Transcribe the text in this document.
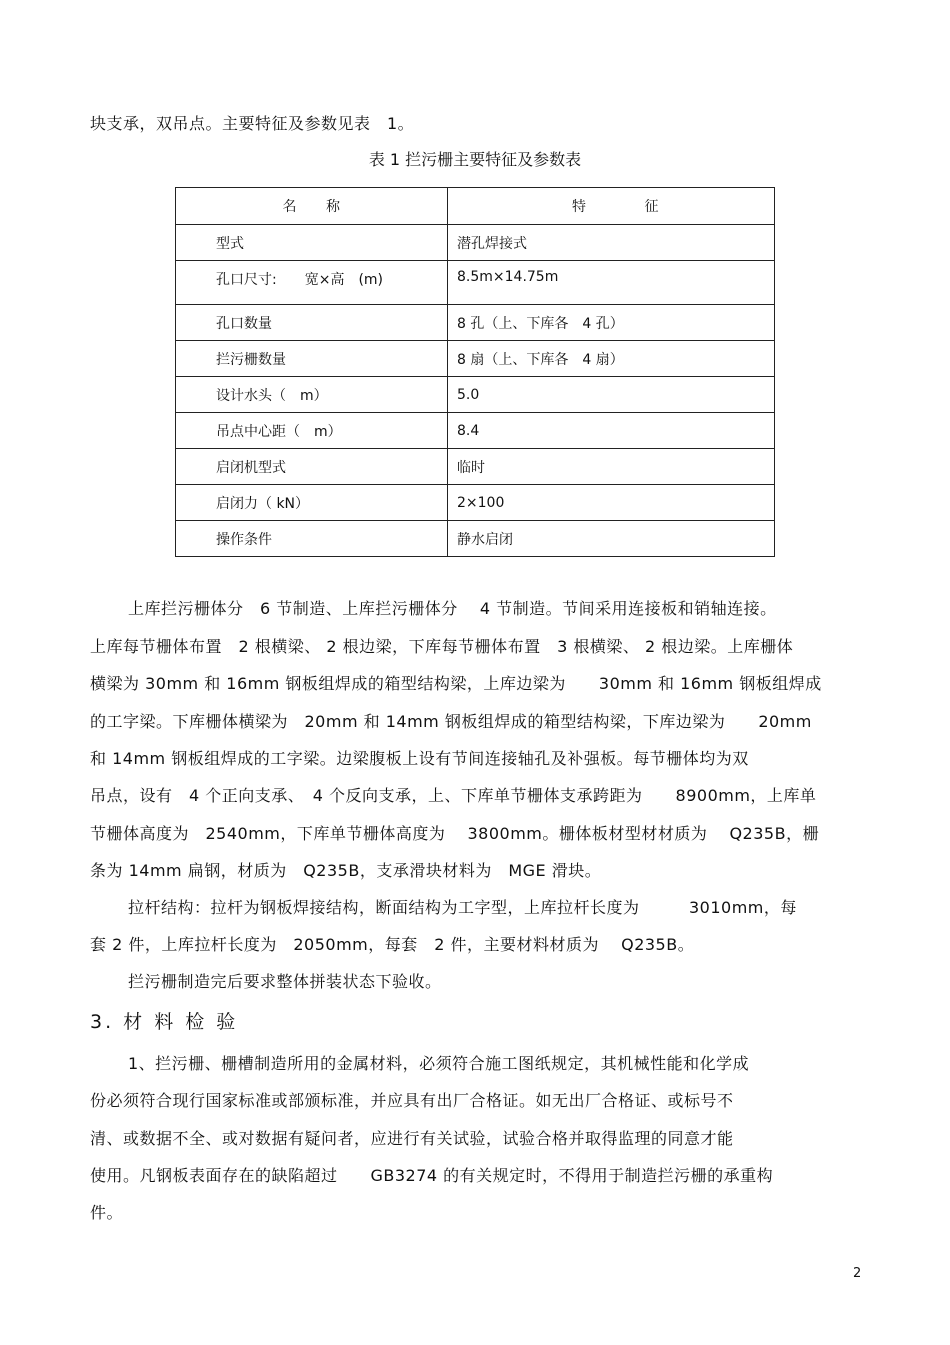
块支承，双吊点。主要特征及参数见表　1。
表 1 拦污栅主要特征及参数表
名　　称	特　　　　征
型式	潜孔焊接式
孔口尺寸:　　宽×高　(m)	8.5m×14.75m
孔口数量	8 孔（上、下库各　4 孔）
拦污栅数量	8 扇（上、下库各　4 扇）
设计水头（　m）	5.0
吊点中心距（　m）	8.4
启闭机型式	临时
启闭力（ kN）	2×100
操作条件	静水启闭
上库拦污栅体分　6 节制造、上库拦污栅体分　 4 节制造。节间采用连接板和销轴连接。
上库每节栅体布置　2 根横梁、 2 根边梁，下库每节栅体布置　3 根横梁、 2 根边梁。上库栅体
横梁为 30mm 和 16mm 钢板组焊成的箱型结构梁，上库边梁为　　30mm 和 16mm 钢板组焊成
的工字梁。下库栅体横梁为　20mm 和 14mm 钢板组焊成的箱型结构梁，下库边梁为　　20mm
和 14mm 钢板组焊成的工字梁。边梁腹板上设有节间连接轴孔及补强板。每节栅体均为双
吊点，设有　4 个正向支承、　4 个反向支承，上、下库单节栅体支承跨距为　　8900mm，上库单
节栅体高度为　2540mm，下库单节栅体高度为　 3800mm。栅体板材型材材质为　 Q235B，栅
条为 14mm 扁钢，材质为　Q235B，支承滑块材料为　MGE 滑块。
拉杆结构：拉杆为钢板焊接结构，断面结构为工字型，上库拉杆长度为　　　3010mm，每
套 2 件，上库拉杆长度为　2050mm，每套　2 件，主要材料材质为　 Q235B。
拦污栅制造完后要求整体拼装状态下验收。
3. 材 料 检 验
1、拦污栅、栅槽制造所用的金属材料，必须符合施工图纸规定，其机械性能和化学成
份必须符合现行国家标准或部颁标准，并应具有出厂合格证。如无出厂合格证、或标号不
清、或数据不全、或对数据有疑问者，应进行有关试验，试验合格并取得监理的同意才能
使用。凡钢板表面存在的缺陷超过　　GB3274 的有关规定时，不得用于制造拦污栅的承重构
件。
2
